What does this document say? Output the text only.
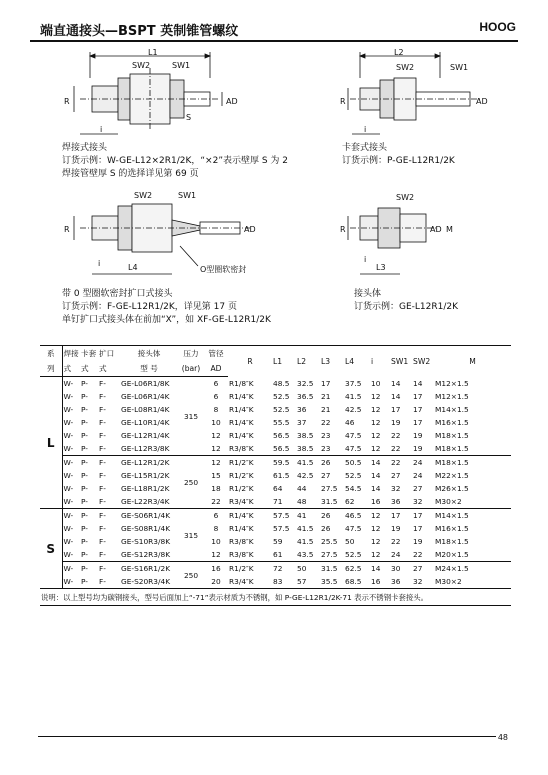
端直通接头—BSPT 英制锥管螺纹	HOOG
L1
SW2	SW1
R	AD
S
i
焊接式接头
订货示例：W-GE-L12×2R1/2K，“×2”表示壁厚 S 为 2
焊接管壁厚 S 的选择详见第 69 页
L2
SW2	SW1
R	AD
i
卡套式接头
订货示例：P-GE-L12R1/2K
SW2	SW1
R	AD
L4
i
O型圈软密封
带 0 型圈软密封扩口式接头
订货示例：F-GE-L12R1/2K，详见第 17 页
单钉扩口式接头体在前加“X”，如 XF-GE-L12R1/2K
SW2
AD M
R
L3
i
接头体
订货示例：GE-L12R1/2K
系	焊接	卡套	扩口	接头体	压力	管径	R	L1	L2	L3	L4	i	SW1	SW2	M
列	式	式	式	型 号	(bar)	AD									
L	W-	P-	F-	GE-L06R1/8K	315	6	R1/8″K	48.5	32.5	17	37.5	10	14	14	M12×1.5
	W-	P-	F-	GE-L06R1/4K		6	R1/4″K	52.5	36.5	21	41.5	12	14	17	M12×1.5
	W-	P-	F-	GE-L08R1/4K		8	R1/4″K	52.5	36	21	42.5	12	17	17	M14×1.5
	W-	P-	F-	GE-L10R1/4K		10	R1/4″K	55.5	37	22	46	12	19	17	M16×1.5
	W-	P-	F-	GE-L12R1/4K		12	R1/4″K	56.5	38.5	23	47.5	12	22	19	M18×1.5
	W-	P-	F-	GE-L12R3/8K		12	R3/8″K	56.5	38.5	23	47.5	12	22	19	M18×1.5
	W-	P-	F-	GE-L12R1/2K	250	12	R1/2″K	59.5	41.5	26	50.5	14	22	24	M18×1.5
	W-	P-	F-	GE-L15R1/2K		15	R1/2″K	61.5	42.5	27	52.5	14	27	24	M22×1.5
	W-	P-	F-	GE-L18R1/2K		18	R1/2″K	64	44	27.5	54.5	14	32	27	M26×1.5
	W-	P-	F-	GE-L22R3/4K		22	R3/4″K	71	48	31.5	62	16	36	32	M30×2
S	W-	P-	F-	GE-S06R1/4K	315	6	R1/4″K	57.5	41	26	46.5	12	17	17	M14×1.5
	W-	P-	F-	GE-S08R1/4K		8	R1/4″K	57.5	41.5	26	47.5	12	19	17	M16×1.5
	W-	P-	F-	GE-S10R3/8K		10	R3/8″K	59	41.5	25.5	50	12	22	19	M18×1.5
	W-	P-	F-	GE-S12R3/8K		12	R3/8″K	61	43.5	27.5	52.5	12	24	22	M20×1.5
	W-	P-	F-	GE-S16R1/2K	250	16	R1/2″K	72	50	31.5	62.5	14	30	27	M24×1.5
	W-	P-	F-	GE-S20R3/4K		20	R3/4″K	83	57	35.5	68.5	16	36	32	M30×2
说明：以上型号均为碳钢接头，型号后面加上“-71”表示材质为不锈钢，如 P-GE-L12R1/2K-71 表示不锈钢卡套接头。															
48
